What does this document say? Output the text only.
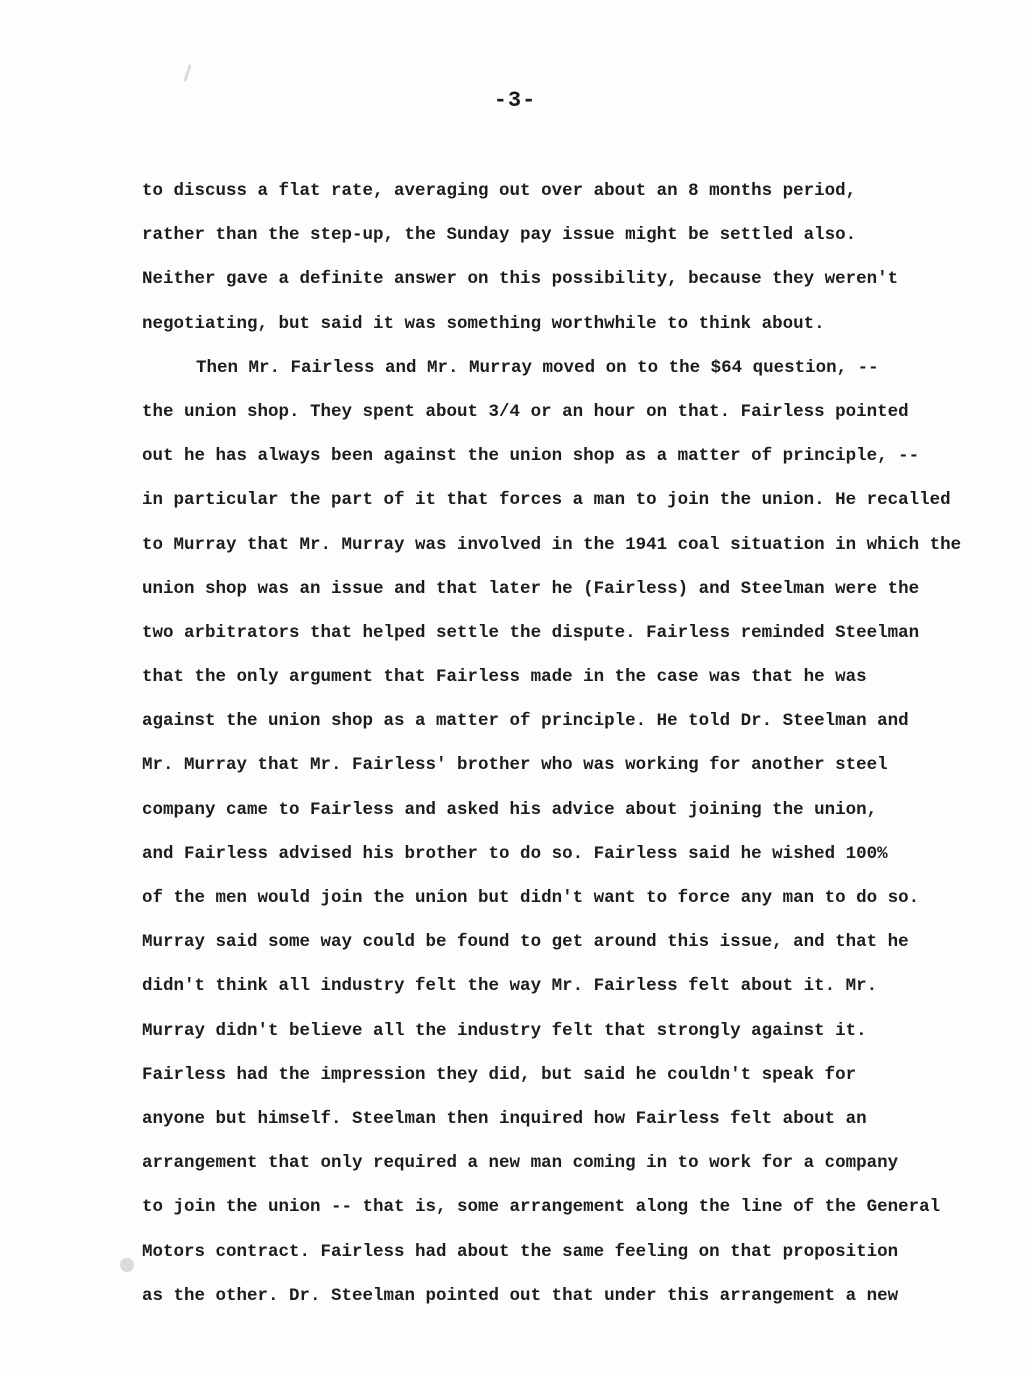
-3-
to discuss a flat rate, averaging out over about an 8 months period,
rather than the step-up, the Sunday pay issue might be settled also.
Neither gave a definite answer on this possibility, because they weren't
negotiating, but said it was something worthwhile to think about.
Then Mr. Fairless and Mr. Murray moved on to the $64 question, --
the union shop. They spent about 3/4 or an hour on that. Fairless pointed
out he has always been against the union shop as a matter of principle, --
in particular the part of it that forces a man to join the union. He recalled
to Murray that Mr. Murray was involved in the 1941 coal situation in which the
union shop was an issue and that later he (Fairless) and Steelman were the
two arbitrators that helped settle the dispute. Fairless reminded Steelman
that the only argument that Fairless made in the case was that he was
against the union shop as a matter of principle. He told Dr. Steelman and
Mr. Murray that Mr. Fairless' brother who was working for another steel
company came to Fairless and asked his advice about joining the union,
and Fairless advised his brother to do so. Fairless said he wished 100%
of the men would join the union but didn't want to force any man to do so.
Murray said some way could be found to get around this issue, and that he
didn't think all industry felt the way Mr. Fairless felt about it. Mr.
Murray didn't believe all the industry felt that strongly against it.
Fairless had the impression they did, but said he couldn't speak for
anyone but himself. Steelman then inquired how Fairless felt about an
arrangement that only required a new man coming in to work for a company
to join the union -- that is, some arrangement along the line of the General
Motors contract. Fairless had about the same feeling on that proposition
as the other. Dr. Steelman pointed out that under this arrangement a new
